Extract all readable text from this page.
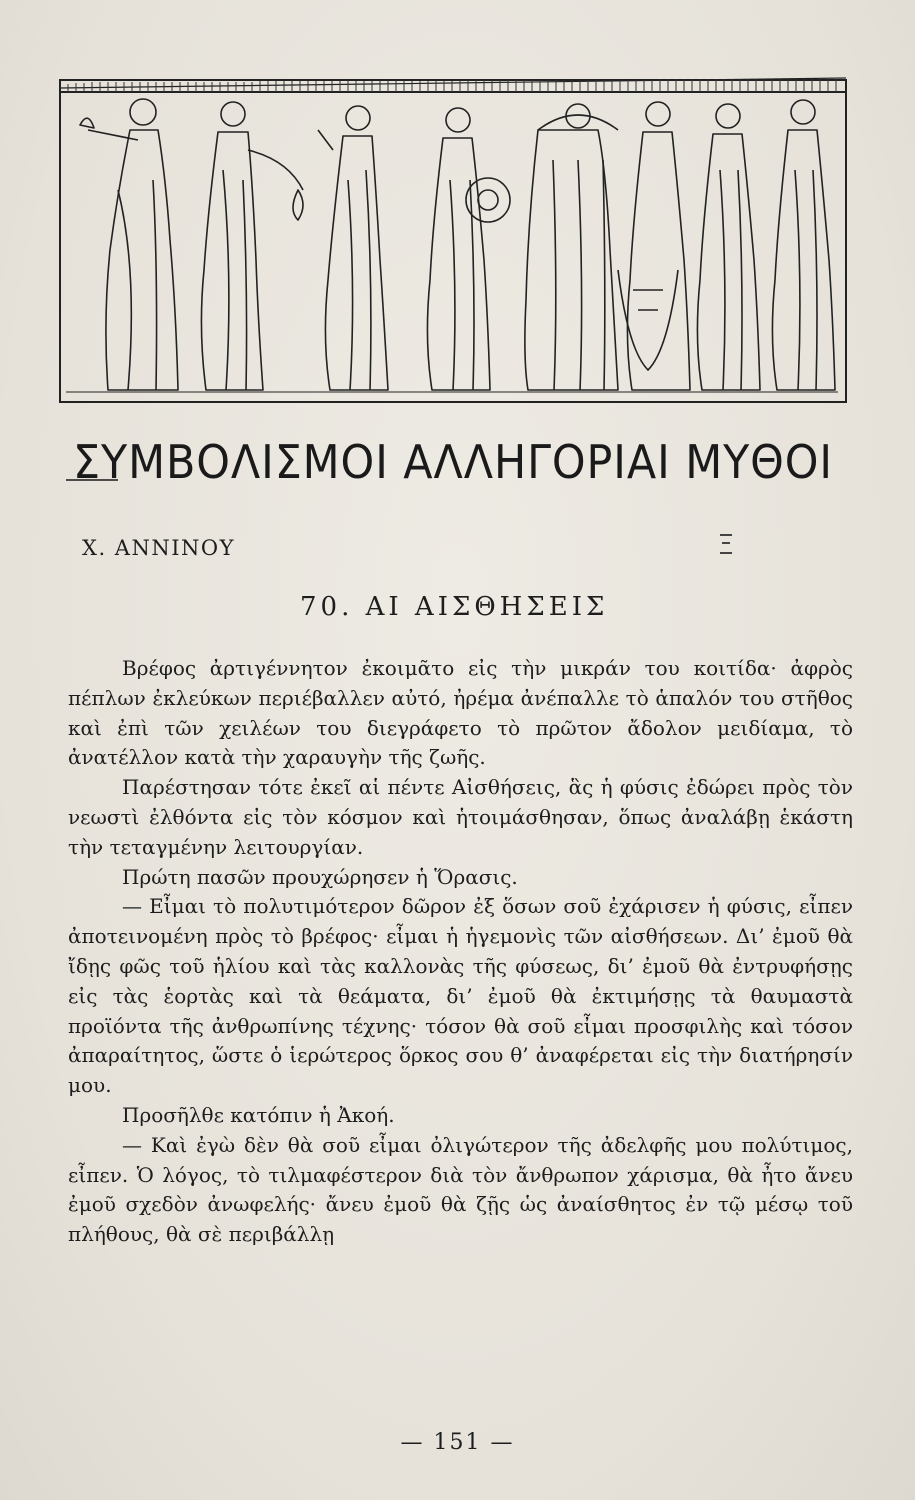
ΣΥΜΒΟΛΙΣΜΟΙ ΑΛΛΗΓΟΡΙΑΙ ΜΥΘΟΙ
Χ. ΑΝΝΙΝΟΥ
70. ΑΙ ΑΙΣΘΗΣΕΙΣ

Βρέφος ἀρτιγέννητον ἐκοιμᾶτο εἰς τὴν μικράν του κοιτίδα· ἀφρὸς πέπλων ἐκλεύκων περιέβαλλεν αὐτό, ἠρέμα ἀνέπαλλε τὸ ἁπαλόν του στῆθος καὶ ἐπὶ τῶν χειλέων του διεγράφετο τὸ πρῶτον ἄδολον μειδίαμα, τὸ ἀνατέλλον κατὰ τὴν χαραυγὴν τῆς ζωῆς.

Παρέστησαν τότε ἐκεῖ αἱ πέντε Αἰσθήσεις, ἃς ἡ φύσις ἐδώρει πρὸς τὸν νεωστὶ ἐλθόντα εἰς τὸν κόσμον καὶ ἡτοιμάσθησαν, ὅπως ἀναλάβῃ ἑκάστη τὴν τεταγμένην λειτουργίαν.

Πρώτη πασῶν προυχώρησεν ἡ Ὅρασις.

— Εἶμαι τὸ πολυτιμότερον δῶρον ἐξ ὅσων σοῦ ἐχάρισεν ἡ φύσις, εἶπεν ἀποτεινομένη πρὸς τὸ βρέφος· εἶμαι ἡ ἡγεμονὶς τῶν αἰσθήσεων. Δι’ ἐμοῦ θὰ ἴδῃς φῶς τοῦ ἡλίου καὶ τὰς καλλονὰς τῆς φύσεως, δι’ ἐμοῦ θὰ ἐντρυφήσῃς εἰς τὰς ἑορτὰς καὶ τὰ θεάματα, δι’ ἐμοῦ θὰ ἐκτιμήσῃς τὰ θαυμαστὰ προϊόντα τῆς ἀνθρωπίνης τέχνης· τόσον θὰ σοῦ εἶμαι προσφιλὴς καὶ τόσον ἀπαραίτητος, ὥστε ὁ ἱερώτερος ὅρκος σου θ’ ἀναφέρεται εἰς τὴν διατήρησίν μου.

Προσῆλθε κατόπιν ἡ Ἀκοή.

— Καὶ ἐγὼ δὲν θὰ σοῦ εἶμαι ὀλιγώτερον τῆς ἀδελφῆς μου πολύτιμος, εἶπεν. Ὁ λόγος, τὸ τιλμαφέστερον διὰ τὸν ἄνθρωπον χάρισμα, θὰ ἦτο ἄνευ ἐμοῦ σχεδὸν ἀνωφελής· ἄνευ ἐμοῦ θὰ ζῇς ὡς ἀναίσθητος ἐν τῷ μέσῳ τοῦ πλήθους, θὰ σὲ περιβάλλῃ

— 151 —
